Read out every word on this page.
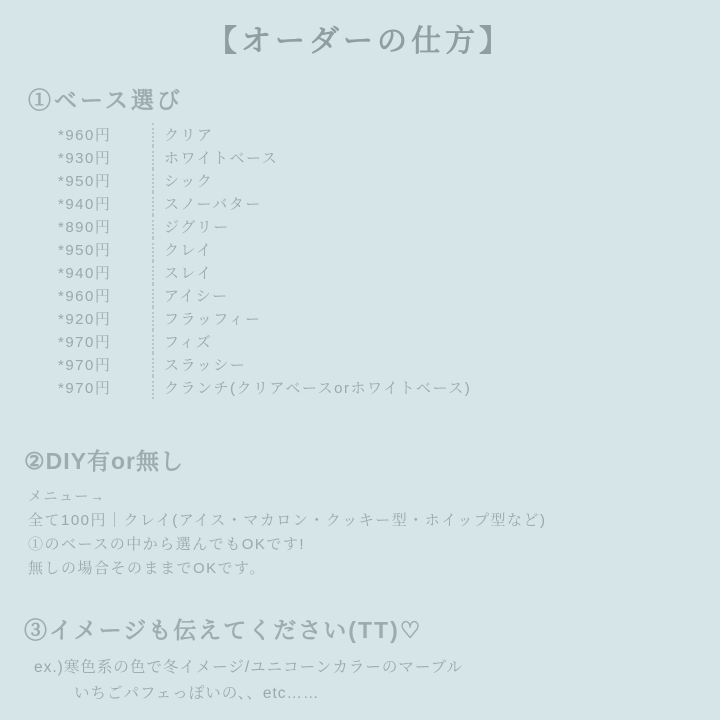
【オーダーの仕方】
①ベース選び
*960円	クリア
*930円	ホワイトベース
*950円	シック
*940円	スノーバター
*890円	ジグリー
*950円	クレイ
*940円	スレイ
*960円	アイシー
*920円	フラッフィー
*970円	フィズ
*970円	スラッシー
*970円	クランチ(クリアベースorホワイトベース)
②DIY有or無し
メニュー→
全て100円｜クレイ(アイス・マカロン・クッキー型・ホイップ型など)
①のベースの中から選んでもOKです!
無しの場合そのままでOKです。
③イメージも伝えてください(TT)♡
ex.)寒色系の色で冬イメージ/ユニコーンカラーのマーブル
いちごパフェっぽいの、、etc……
